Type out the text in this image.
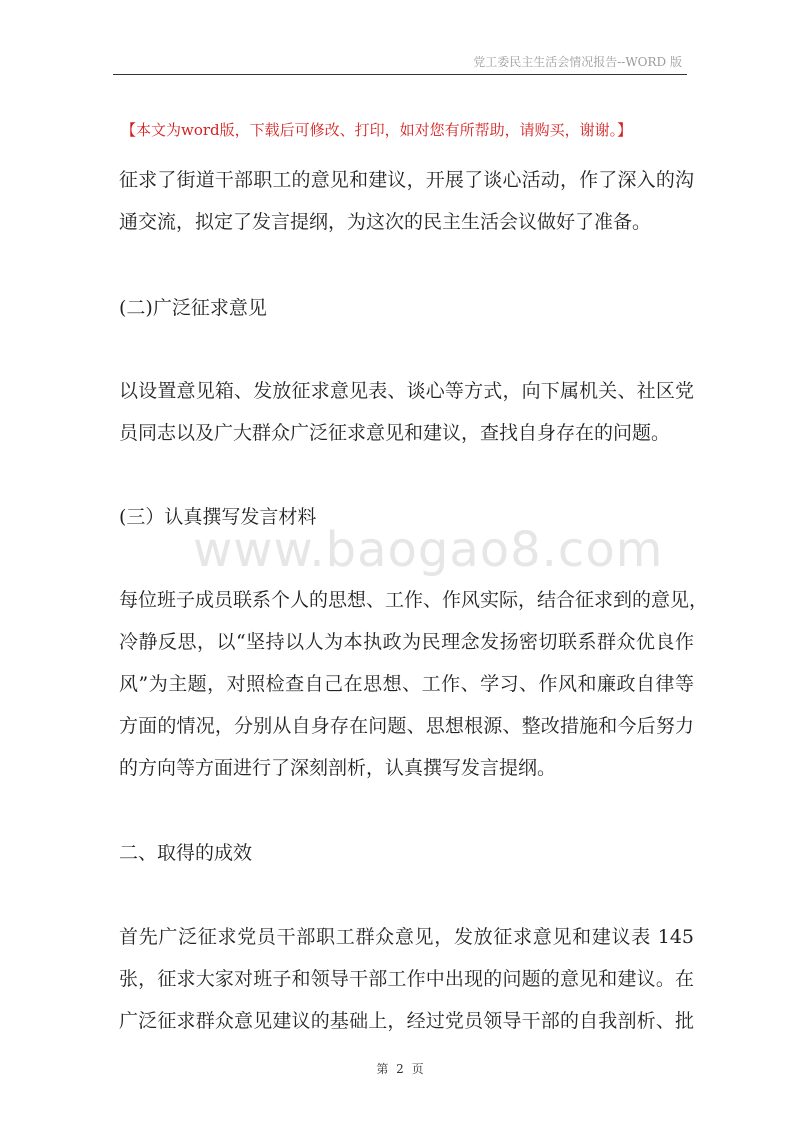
党工委民主生活会情况报告--WORD 版
【本文为word版，下载后可修改、打印，如对您有所帮助，请购买，谢谢。】
征求了街道干部职工的意见和建议，开展了谈心活动，作了深入的沟
通交流，拟定了发言提纲，为这次的民主生活会议做好了准备。
(二)广泛征求意见
以设置意见箱、发放征求意见表、谈心等方式，向下属机关、社区党
员同志以及广大群众广泛征求意见和建议，查找自身存在的问题。
(三）认真撰写发言材料
www.baogao8.com
每位班子成员联系个人的思想、工作、作风实际，结合征求到的意见，
冷静反思，以“坚持以人为本执政为民理念发扬密切联系群众优良作
风”为主题，对照检查自己在思想、工作、学习、作风和廉政自律等
方面的情况，分别从自身存在问题、思想根源、整改措施和今后努力
的方向等方面进行了深刻剖析，认真撰写发言提纲。
二、取得的成效
首先广泛征求党员干部职工群众意见，发放征求意见和建议表 145
张，征求大家对班子和领导干部工作中出现的问题的意见和建议。在
广泛征求群众意见建议的基础上，经过党员领导干部的自我剖析、批
第 2 页
